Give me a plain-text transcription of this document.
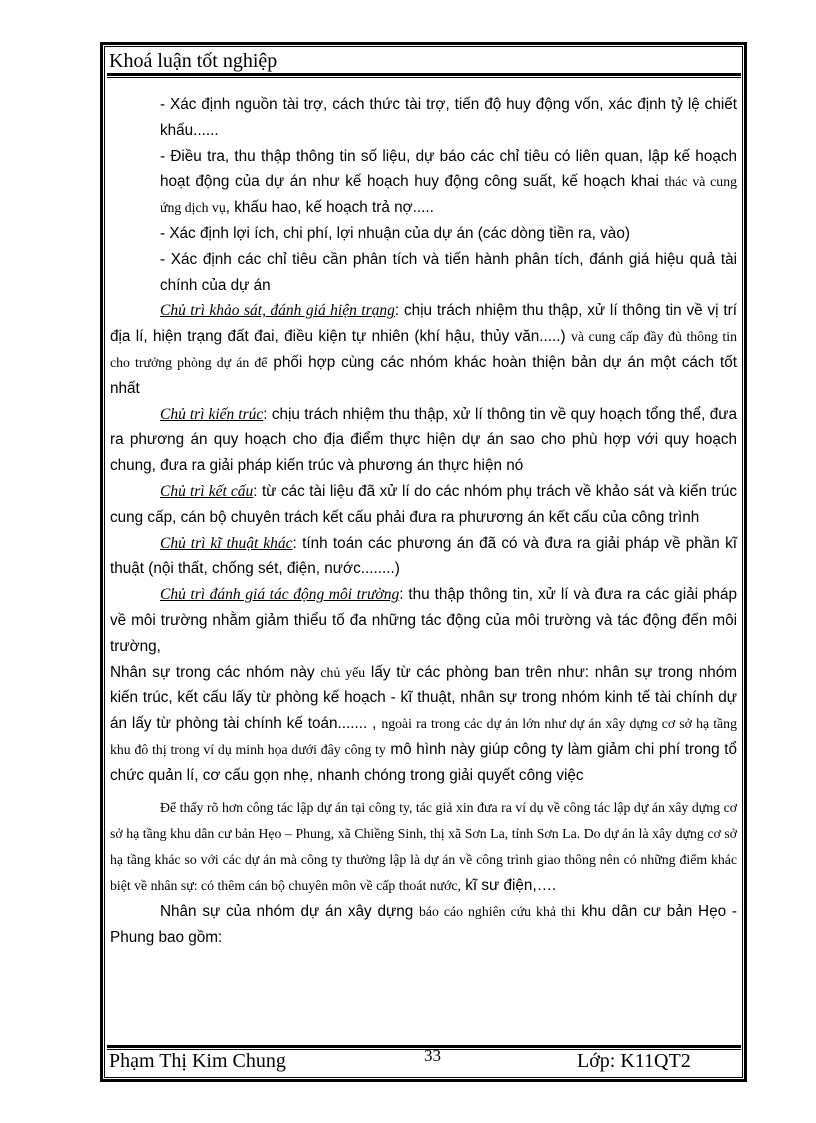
Khoá luận tốt nghiệp

- Xác định nguồn tài trợ, cách thức tài trợ, tiến độ huy động vốn, xác định tỷ lệ chiết khấu......

- Điều tra, thu thập thông tin số liệu, dự báo các chỉ tiêu có liên quan, lập kế hoạch hoạt động của dự án như kế hoạch huy động công suất, kế hoạch khai thác và cung ứng dịch vụ, khấu hao, kế hoạch trả nợ.....

- Xác định lợi ích, chi phí, lợi nhuận của dự án (các dòng tiền ra, vào)

- Xác định các chỉ tiêu cần phân tích và tiến hành phân tích, đánh giá hiệu quả tài chính của dự án

Chủ trì khảo sát, đánh giá hiện trạng: chịu trách nhiệm thu thập, xử lí thông tin về vị trí địa lí, hiện trạng đất đai, điều kiện tự nhiên (khí hậu, thủy văn.....) và cung cấp đầy đủ thông tin cho trưởng phòng dự án để phối hợp cùng các nhóm khác hoàn thiện bản dự án một cách tốt nhất

Chủ trì kiến trúc: chịu trách nhiệm thu thập, xử lí thông tin về quy hoạch tổng thể, đưa ra phương án quy hoạch cho địa điểm thực hiện dự án sao cho phù hợp với quy hoạch chung, đưa ra giải pháp kiến trúc và phương án thực hiện nó

Chủ trì kết cấu: từ các tài liệu đã xử lí do các nhóm phụ trách về khảo sát và kiến trúc cung cấp, cán bộ chuyên trách kết cấu phải đưa ra phưương án kết cấu của công trình

Chủ trì kĩ thuật khác: tính toán các phương án đã có và đưa ra giải pháp về phần kĩ thuật (nội thất, chống sét, điện, nước........)

Chủ trì đánh giá tác động môi trường: thu thập thông tin, xử lí và đưa ra các giải pháp về môi trường nhằm giảm thiểu tố đa những tác động của môi trường và tác động đến môi trường,

Nhân sự trong các nhóm này chủ yếu lấy từ các phòng ban trên như: nhân sự trong nhóm kiến trúc, kết cấu lấy từ phòng kế hoạch - kĩ thuật, nhân sự trong nhóm kinh tế tài chính dự án lấy từ phòng tài chính kế toán....... , ngoài ra trong các dự án lớn như dự án xây dựng cơ sở hạ tầng khu đô thị trong ví dụ minh họa dưới đây công ty mô hình này giúp công ty làm giảm chi phí trong tổ chức quản lí, cơ cấu gọn nhẹ, nhanh chóng trong giải quyết công việc

Để thấy rõ hơn công tác lập dự án tại công ty, tác giả xin đưa ra ví dụ về công tác lập dự án xây dựng cơ sở hạ tầng khu dân cư bản Hẹo – Phung, xã Chiềng Sinh, thị xã Sơn La, tỉnh Sơn La. Do dự án là xây dựng cơ sở hạ tầng khác so với các dự án mà công ty thường lập là dự án về công trình giao thông nên có những điểm khác biệt về nhân sự: có thêm cán bộ chuyên môn về cấp thoát nước, kĩ sư điện,….

Nhân sự của nhóm dự án xây dựng báo cáo nghiên cứu khả thi khu dân cư bản Hẹo - Phung bao gồm:

Phạm Thị Kim Chung	33	Lớp: K11QT2
